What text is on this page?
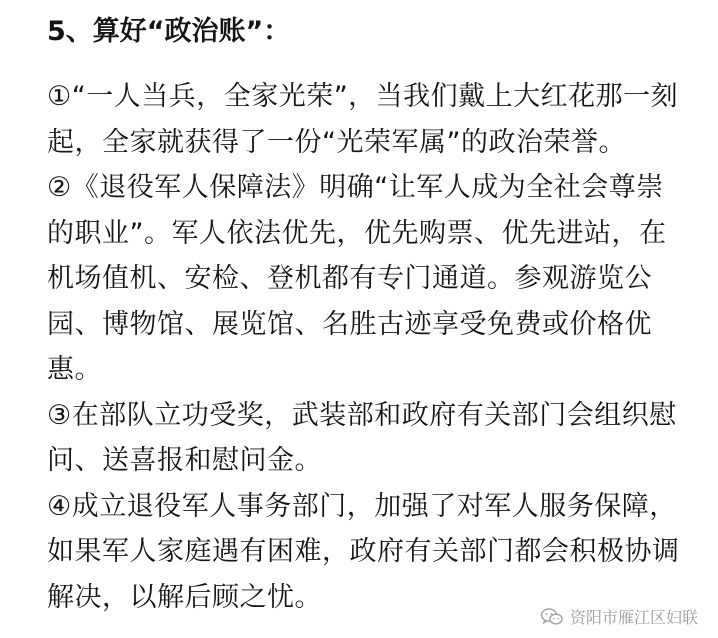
5、算好“政治账”：

①“一人当兵，全家光荣”，当我们戴上大红花那一刻起，全家就获得了一份“光荣军属”的政治荣誉。

②《退役军人保障法》明确“让军人成为全社会尊崇的职业”。军人依法优先，优先购票、优先进站，在机场值机、安检、登机都有专门通道。参观游览公园、博物馆、展览馆、名胜古迹享受免费或价格优惠。

③在部队立功受奖，武装部和政府有关部门会组织慰问、送喜报和慰问金。

④成立退役军人事务部门，加强了对军人服务保障，如果军人家庭遇有困难，政府有关部门都会积极协调解决，以解后顾之忧。

资阳市雁江区妇联
